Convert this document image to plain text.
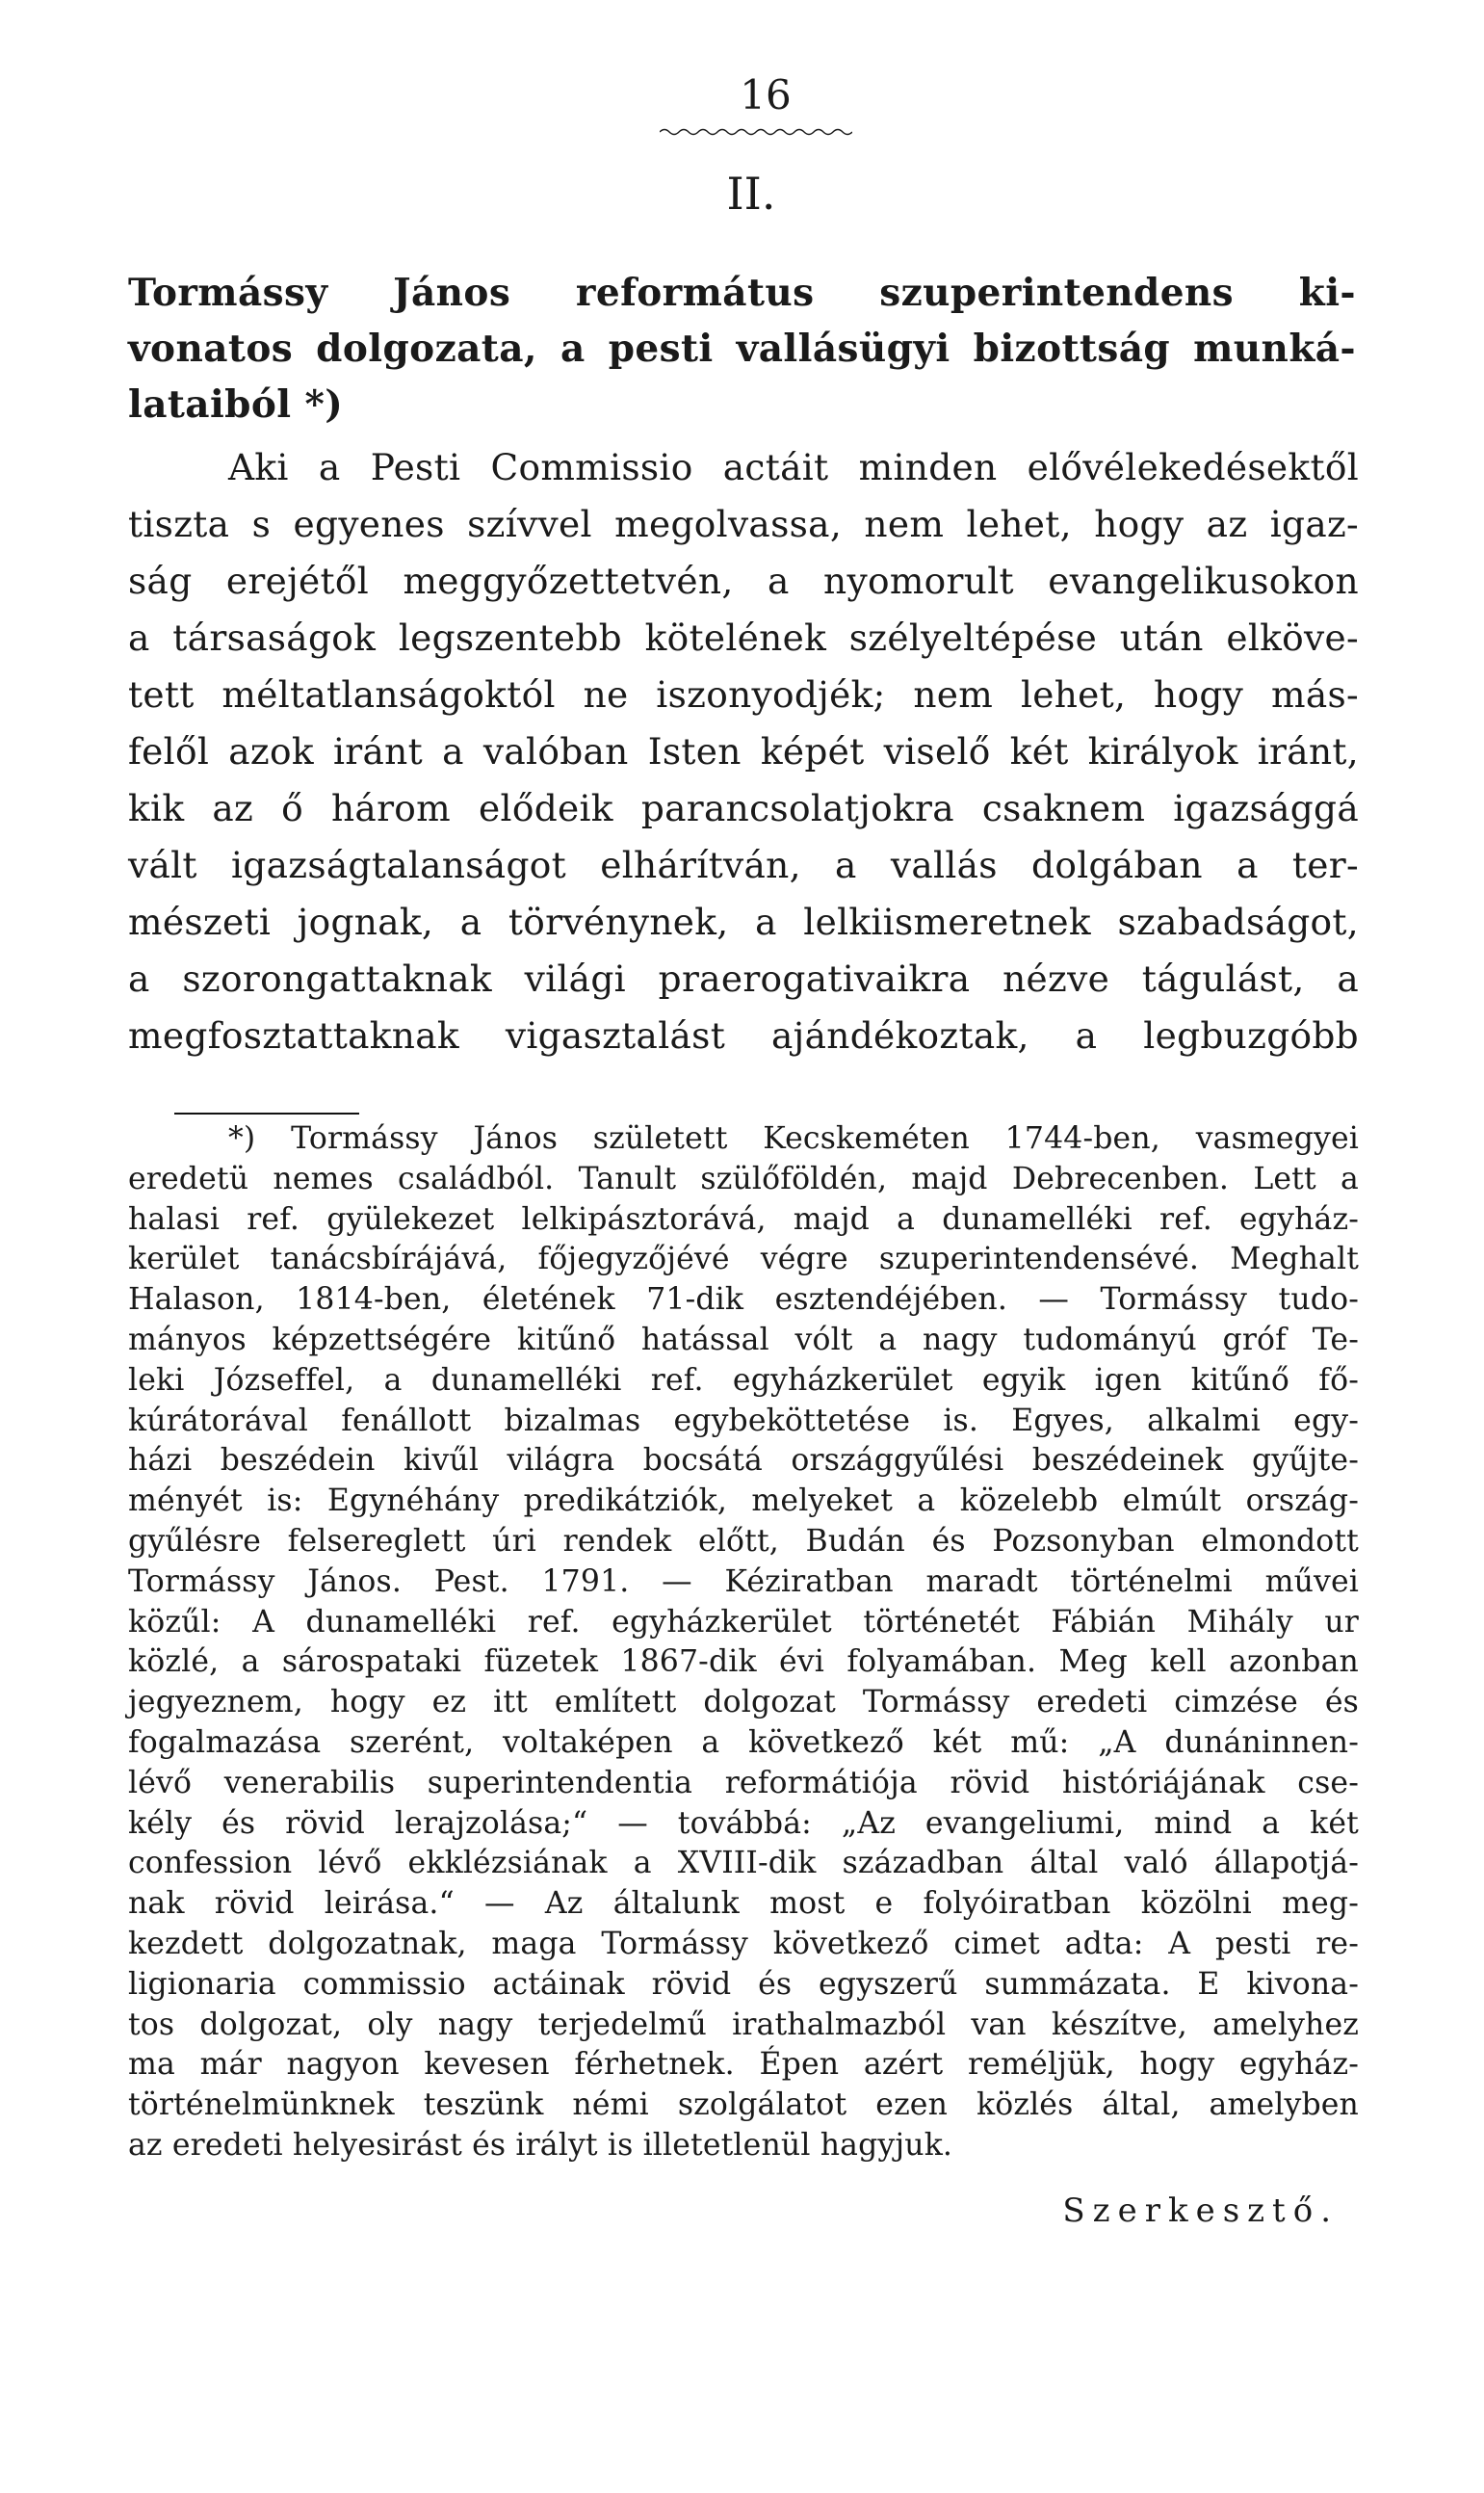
16
II.
Tormássy János református szuperintendens ki-
vonatos dolgozata, a pesti vallásügyi bizottság munká-
lataiból *)
Aki a Pesti Commissio actáit minden elővélekedésektől
tiszta s egyenes szívvel megolvassa, nem lehet, hogy az igaz-
ság erejétől meggyőzettetvén, a nyomorult evangelikusokon
a társaságok legszentebb kötelének szélyeltépése után elköve-
tett méltatlanságoktól ne iszonyodjék; nem lehet, hogy más-
felől azok iránt a valóban Isten képét viselő két királyok iránt,
kik az ő három elődeik parancsolatjokra csaknem igazsággá
vált igazságtalanságot elhárítván, a vallás dolgában a ter-
mészeti jognak, a törvénynek, a lelkiismeretnek szabadságot,
a szorongattaknak világi praerogativaikra nézve tágulást, a
megfosztattaknak vigasztalást ajándékoztak, a legbuzgóbb
*) Tormássy János született Kecskeméten 1744-ben, vasmegyei
eredetü nemes családból. Tanult szülőföldén, majd Debrecenben. Lett a
halasi ref. gyülekezet lelkipásztorává, majd a dunamelléki ref. egyház-
kerület tanácsbírájává, főjegyzőjévé végre szuperintendensévé. Meghalt
Halason, 1814-ben, életének 71-dik esztendéjében. — Tormássy tudo-
mányos képzettségére kitűnő hatással vólt a nagy tudományú gróf Te-
leki Józseffel, a dunamelléki ref. egyházkerület egyik igen kitűnő fő-
kúrátorával fenállott bizalmas egybeköttetése is. Egyes, alkalmi egy-
házi beszédein kivűl világra bocsátá országgyűlési beszédeinek gyűjte-
ményét is: Egynéhány predikátziók, melyeket a közelebb elmúlt ország-
gyűlésre felsereglett úri rendek előtt, Budán és Pozsonyban elmondott
Tormássy János. Pest. 1791. — Kéziratban maradt történelmi művei
közűl: A dunamelléki ref. egyházkerület történetét Fábián Mihály ur
közlé, a sárospataki füzetek 1867-dik évi folyamában. Meg kell azonban
jegyeznem, hogy ez itt említett dolgozat Tormássy eredeti cimzése és
fogalmazása szerént, voltaképen a következő két mű: „A dunáninnen-
lévő venerabilis superintendentia reformátiója rövid históriájának cse-
kély és rövid lerajzolása;“ — továbbá: „Az evangeliumi, mind a két
confession lévő ekklézsiának a XVIII-dik században által való állapotjá-
nak rövid leirása.“ — Az általunk most e folyóiratban közölni meg-
kezdett dolgozatnak, maga Tormássy következő cimet adta: A pesti re-
ligionaria commissio actáinak rövid és egyszerű summázata. E kivona-
tos dolgozat, oly nagy terjedelmű irathalmazból van készítve, amelyhez
ma már nagyon kevesen férhetnek. Épen azért reméljük, hogy egyház-
történelmünknek teszünk némi szolgálatot ezen közlés által, amelyben
az eredeti helyesirást és irályt is illetetlenül hagyjuk.
Szerkesztő.
